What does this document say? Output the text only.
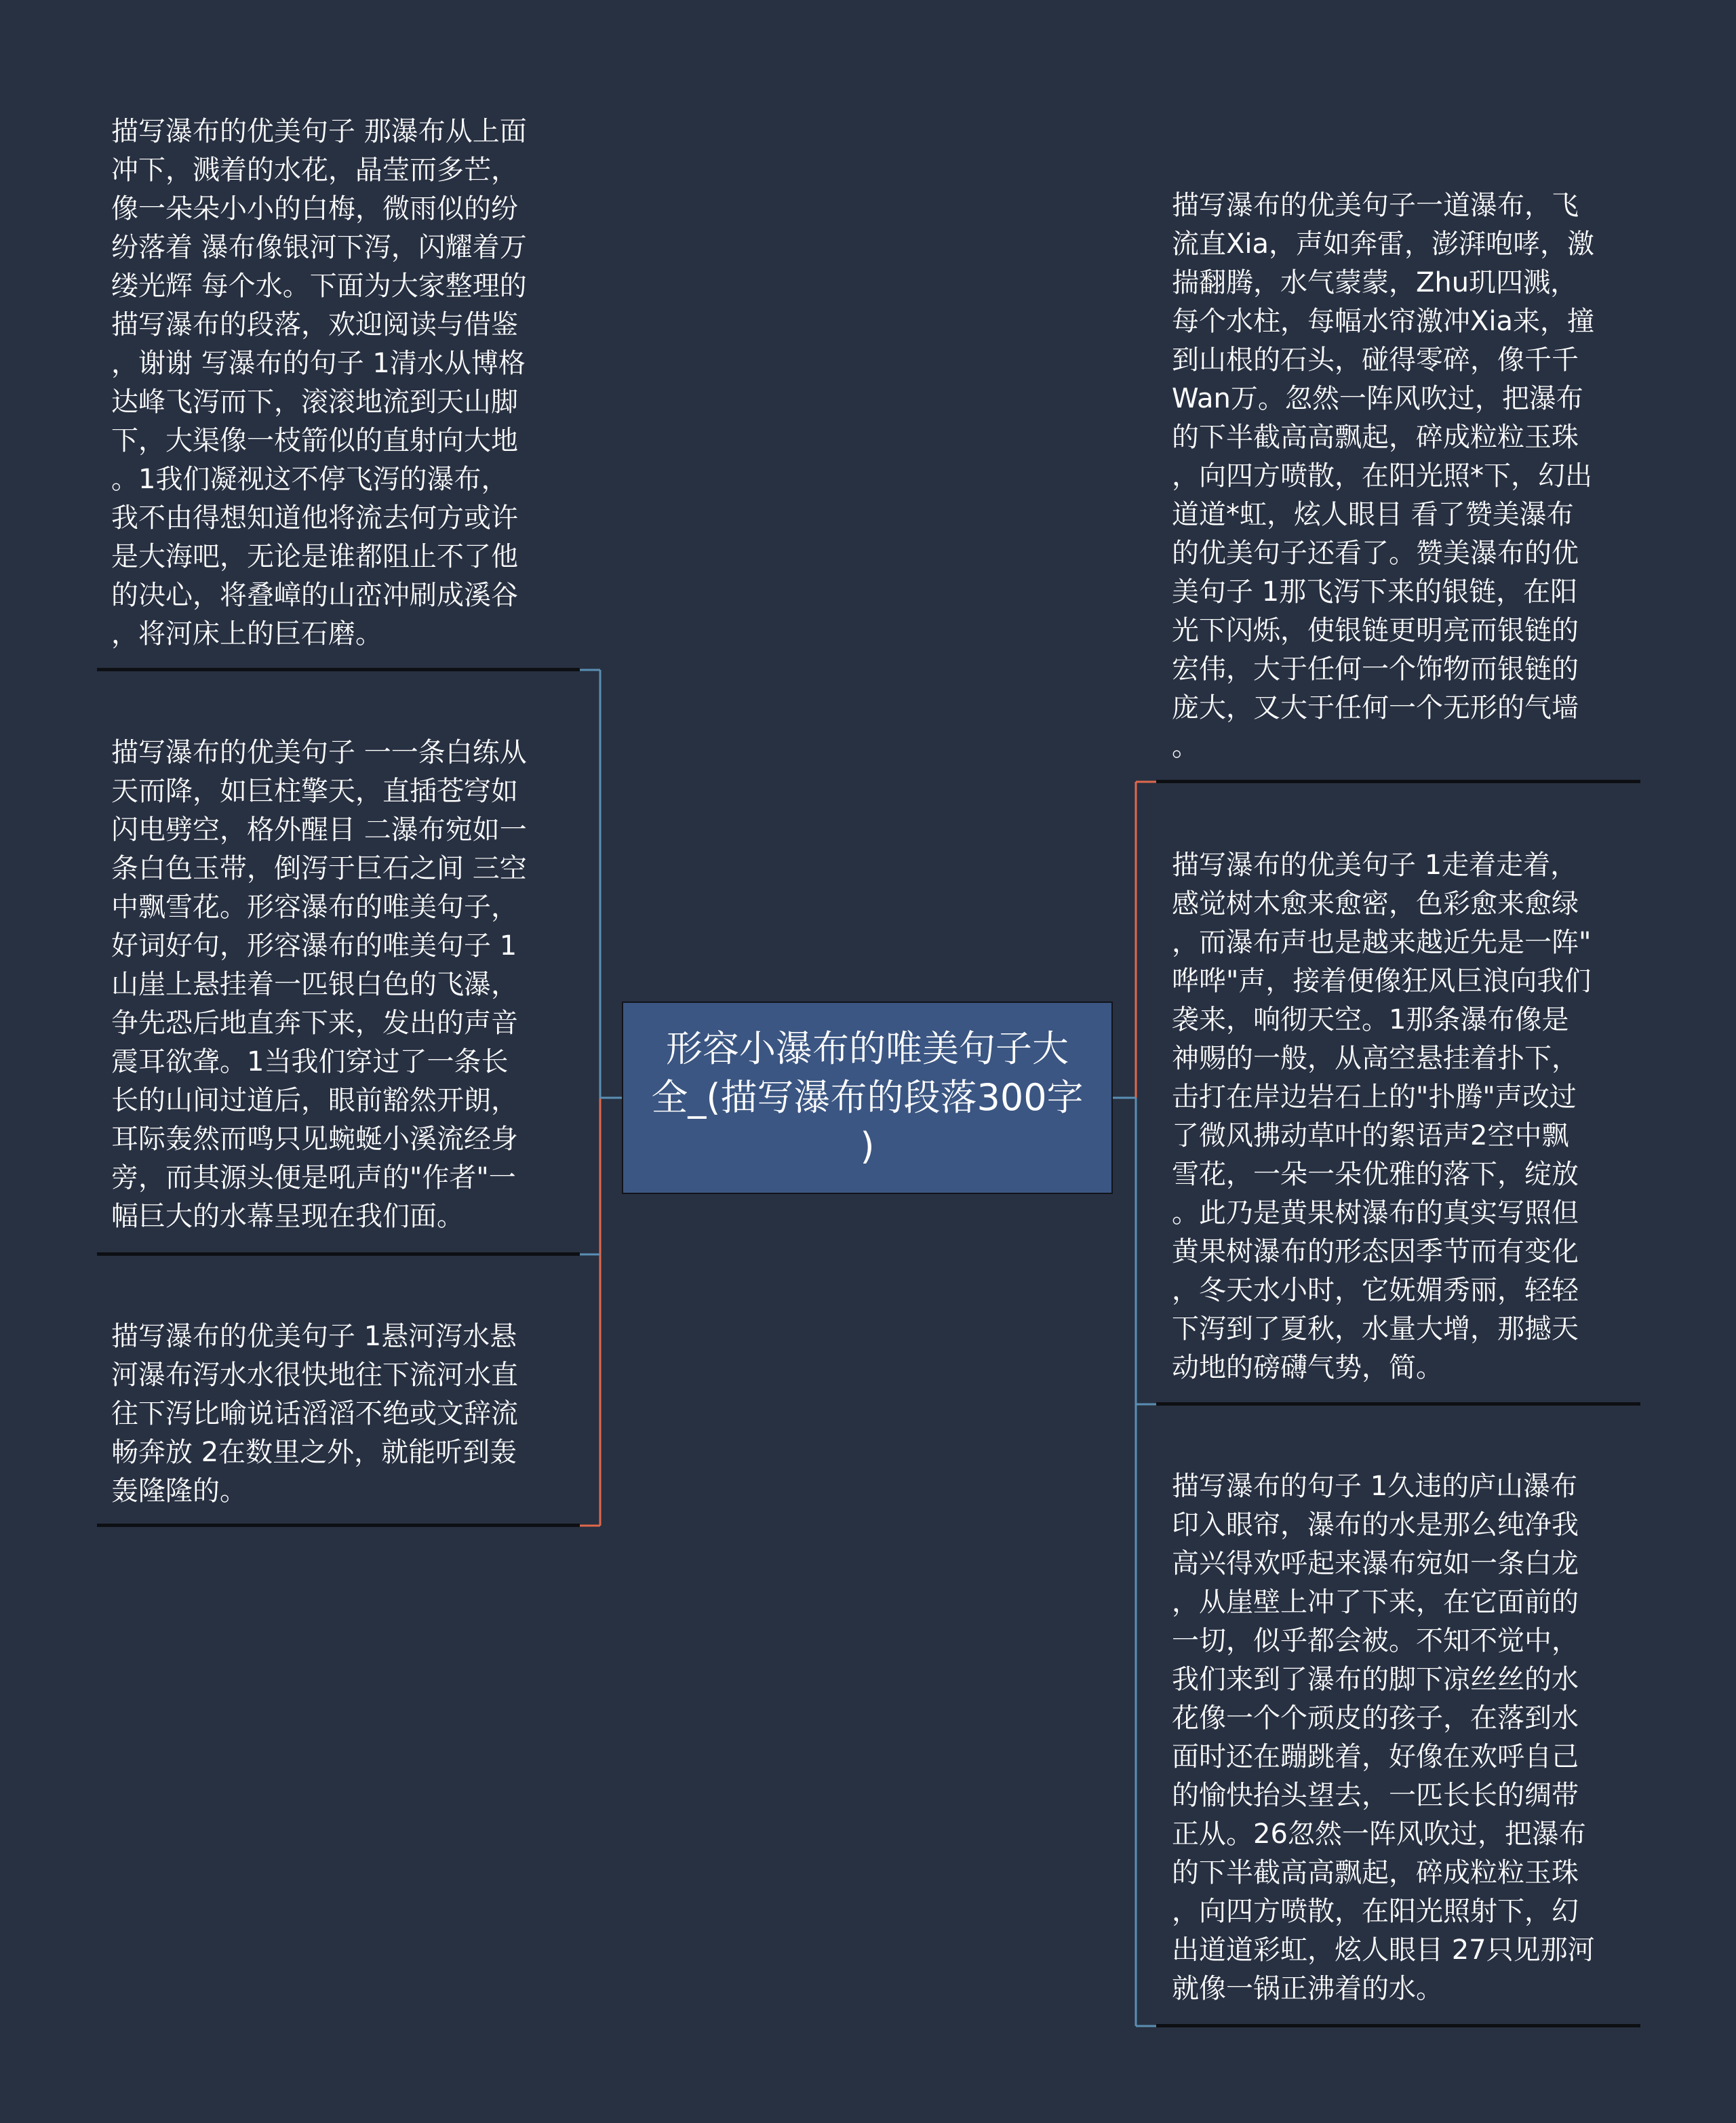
形容小瀑布的唯美句子大
全_(描写瀑布的段落300字
)
描写瀑布的优美句子 那瀑布从上面
冲下，溅着的水花，晶莹而多芒，
像一朵朵小小的白梅，微雨似的纷
纷落着 瀑布像银河下泻，闪耀着万
缕光辉 每个水。下面为大家整理的
描写瀑布的段落，欢迎阅读与借鉴
，谢谢 写瀑布的句子 1清水从博格
达峰飞泻而下，滚滚地流到天山脚
下，大渠像一枝箭似的直射向大地
。1我们凝视这不停飞泻的瀑布，
我不由得想知道他将流去何方或许
是大海吧，无论是谁都阻止不了他
的决心，将叠嶂的山峦冲刷成溪谷
，将河床上的巨石磨。
描写瀑布的优美句子 一一条白练从
天而降，如巨柱擎天，直插苍穹如
闪电劈空，格外醒目 二瀑布宛如一
条白色玉带，倒泻于巨石之间 三空
中飘雪花。形容瀑布的唯美句子，
好词好句，形容瀑布的唯美句子 1
山崖上悬挂着一匹银白色的飞瀑，
争先恐后地直奔下来，发出的声音
震耳欲聋。1当我们穿过了一条长
长的山间过道后，眼前豁然开朗，
耳际轰然而鸣只见蜿蜒小溪流经身
旁，而其源头便是吼声的"作者"一
幅巨大的水幕呈现在我们面。
描写瀑布的优美句子 1悬河泻水悬
河瀑布泻水水很快地往下流河水直
往下泻比喻说话滔滔不绝或文辞流
畅奔放 2在数里之外，就能听到轰
轰隆隆的。
描写瀑布的优美句子一道瀑布，飞
流直Xia，声如奔雷，澎湃咆哮，激
揣翻腾，水气蒙蒙，Zhu玑四溅，
每个水柱，每幅水帘激冲Xia来，撞
到山根的石头，碰得零碎，像千千
Wan万。忽然一阵风吹过，把瀑布
的下半截高高飘起，碎成粒粒玉珠
，向四方喷散，在阳光照*下，幻出
道道*虹，炫人眼目 看了赞美瀑布
的优美句子还看了。赞美瀑布的优
美句子 1那飞泻下来的银链，在阳
光下闪烁，使银链更明亮而银链的
宏伟，大于任何一个饰物而银链的
庞大，又大于任何一个无形的气墙
。
描写瀑布的优美句子 1走着走着，
感觉树木愈来愈密，色彩愈来愈绿
，而瀑布声也是越来越近先是一阵"
哗哗"声，接着便像狂风巨浪向我们
袭来，响彻天空。1那条瀑布像是
神赐的一般，从高空悬挂着扑下，
击打在岸边岩石上的"扑腾"声改过
了微风拂动草叶的絮语声2空中飘
雪花，一朵一朵优雅的落下，绽放
。此乃是黄果树瀑布的真实写照但
黄果树瀑布的形态因季节而有变化
，冬天水小时，它妩媚秀丽，轻轻
下泻到了夏秋，水量大增，那撼天
动地的磅礴气势，简。
描写瀑布的句子 1久违的庐山瀑布
印入眼帘，瀑布的水是那么纯净我
高兴得欢呼起来瀑布宛如一条白龙
，从崖壁上冲了下来，在它面前的
一切，似乎都会被。不知不觉中，
我们来到了瀑布的脚下凉丝丝的水
花像一个个顽皮的孩子，在落到水
面时还在蹦跳着，好像在欢呼自己
的愉快抬头望去，一匹长长的绸带
正从。26忽然一阵风吹过，把瀑布
的下半截高高飘起，碎成粒粒玉珠
，向四方喷散，在阳光照射下，幻
出道道彩虹，炫人眼目 27只见那河
就像一锅正沸着的水。
